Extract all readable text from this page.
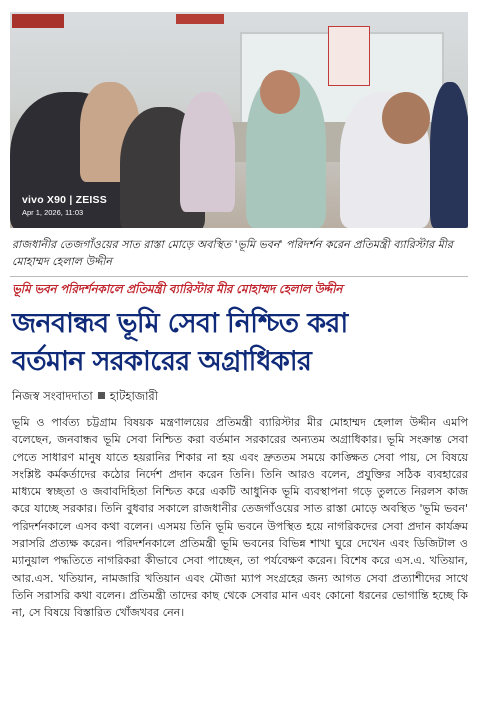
vivo X90 | ZEISS
Apr 1, 2026, 11:03
রাজধানীর তেজগাঁওয়ের সাত রাস্তা মোড়ে অবস্থিত 'ভূমি ভবন' পরিদর্শন করেন প্রতিমন্ত্রী ব্যারিস্টার মীর মোহাম্মদ হেলাল উদ্দীন
ভূমি ভবন পরিদর্শনকালে প্রতিমন্ত্রী ব্যারিস্টার মীর মোহাম্মদ হেলাল উদ্দীন
জনবান্ধব ভূমি সেবা নিশ্চিত করা
বর্তমান সরকারের অগ্রাধিকার
নিজস্ব সংবাদদাতা হাটহাজারী
ভূমি ও পার্বত্য চট্টগ্রাম বিষয়ক মন্ত্রণালয়ের প্রতিমন্ত্রী ব্যারিস্টার মীর মোহাম্মদ হেলাল উদ্দীন এমপি বলেছেন, জনবান্ধব ভূমি সেবা নিশ্চিত করা বর্তমান সরকারের অন্যতম অগ্রাধিকার। ভূমি সংক্রান্ত সেবা পেতে সাধারণ মানুষ যাতে হয়রানির শিকার না হয় এবং দ্রুততম সময়ে কাঙ্ক্ষিত সেবা পায়, সে বিষয়ে সংশ্লিষ্ট কর্মকর্তাদের কঠোর নির্দেশ প্রদান করেন তিনি। তিনি আরও বলেন, প্রযুক্তির সঠিক ব্যবহারের মাধ্যমে স্বচ্ছতা ও জবাবদিহিতা নিশ্চিত করে একটি আধুনিক ভূমি ব্যবস্থাপনা গড়ে তুলতে নিরলস কাজ করে যাচ্ছে সরকার। তিনি বুধবার সকালে রাজধানীর তেজগাঁওয়ের সাত রাস্তা মোড়ে অবস্থিত 'ভূমি ভবন' পরিদর্শনকালে এসব কথা বলেন। এসময় তিনি ভূমি ভবনে উপস্থিত হয়ে নাগরিকদের সেবা প্রদান কার্যক্রম সরাসরি প্রত্যক্ষ করেন। পরিদর্শনকালে প্রতিমন্ত্রী ভূমি ভবনের বিভিন্ন শাখা ঘুরে দেখেন এবং ডিজিটাল ও ম্যানুয়াল পদ্ধতিতে নাগরিকরা কীভাবে সেবা পাচ্ছেন, তা পর্যবেক্ষণ করেন। বিশেষ করে এস.এ. খতিয়ান, আর.এস. খতিয়ান, নামজারি খতিয়ান এবং মৌজা ম্যাপ সংগ্রহের জন্য আগত সেবা প্রত্যাশীদের সাথে তিনি সরাসরি কথা বলেন। প্রতিমন্ত্রী তাদের কাছ থেকে সেবার মান এবং কোনো ধরনের ভোগান্তি হচ্ছে কি না, সে বিষয়ে বিস্তারিত খোঁজখবর নেন।
